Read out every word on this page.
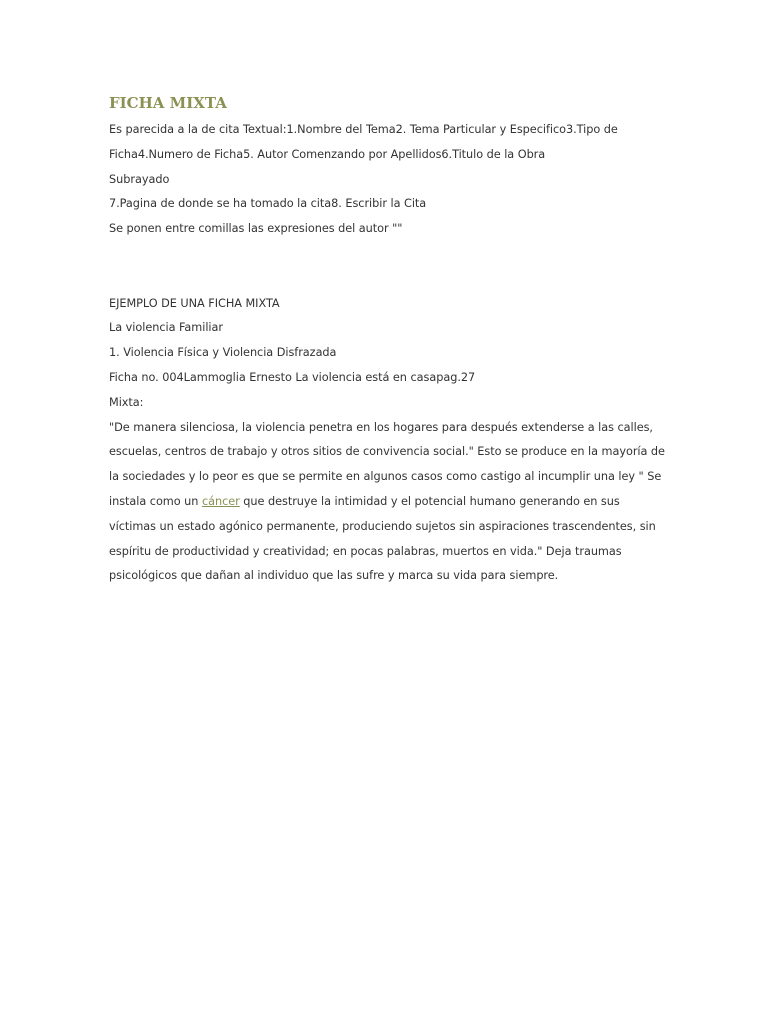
FICHA MIXTA
Es parecida a la de cita Textual:1.Nombre del Tema2. Tema Particular y Especifico3.Tipo de
Ficha4.Numero de Ficha5. Autor Comenzando por Apellidos6.Titulo de la Obra
Subrayado
7.Pagina de donde se ha tomado la cita8. Escribir la Cita
Se ponen entre comillas las expresiones del autor ""
EJEMPLO DE UNA FICHA MIXTA
La violencia Familiar
1. Violencia Física y Violencia Disfrazada
Ficha no. 004Lammoglia Ernesto La violencia está en casapag.27
Mixta:
"De manera silenciosa, la violencia penetra en los hogares para después extenderse a las calles,
escuelas, centros de trabajo y otros sitios de convivencia social." Esto se produce en la mayoría de
la sociedades y lo peor es que se permite en algunos casos como castigo al incumplir una ley " Se
instala como un cáncer que destruye la intimidad y el potencial humano generando en sus
víctimas un estado agónico permanente, produciendo sujetos sin aspiraciones trascendentes, sin
espíritu de productividad y creatividad; en pocas palabras, muertos en vida." Deja traumas
psicológicos que dañan al individuo que las sufre y marca su vida para siempre.
